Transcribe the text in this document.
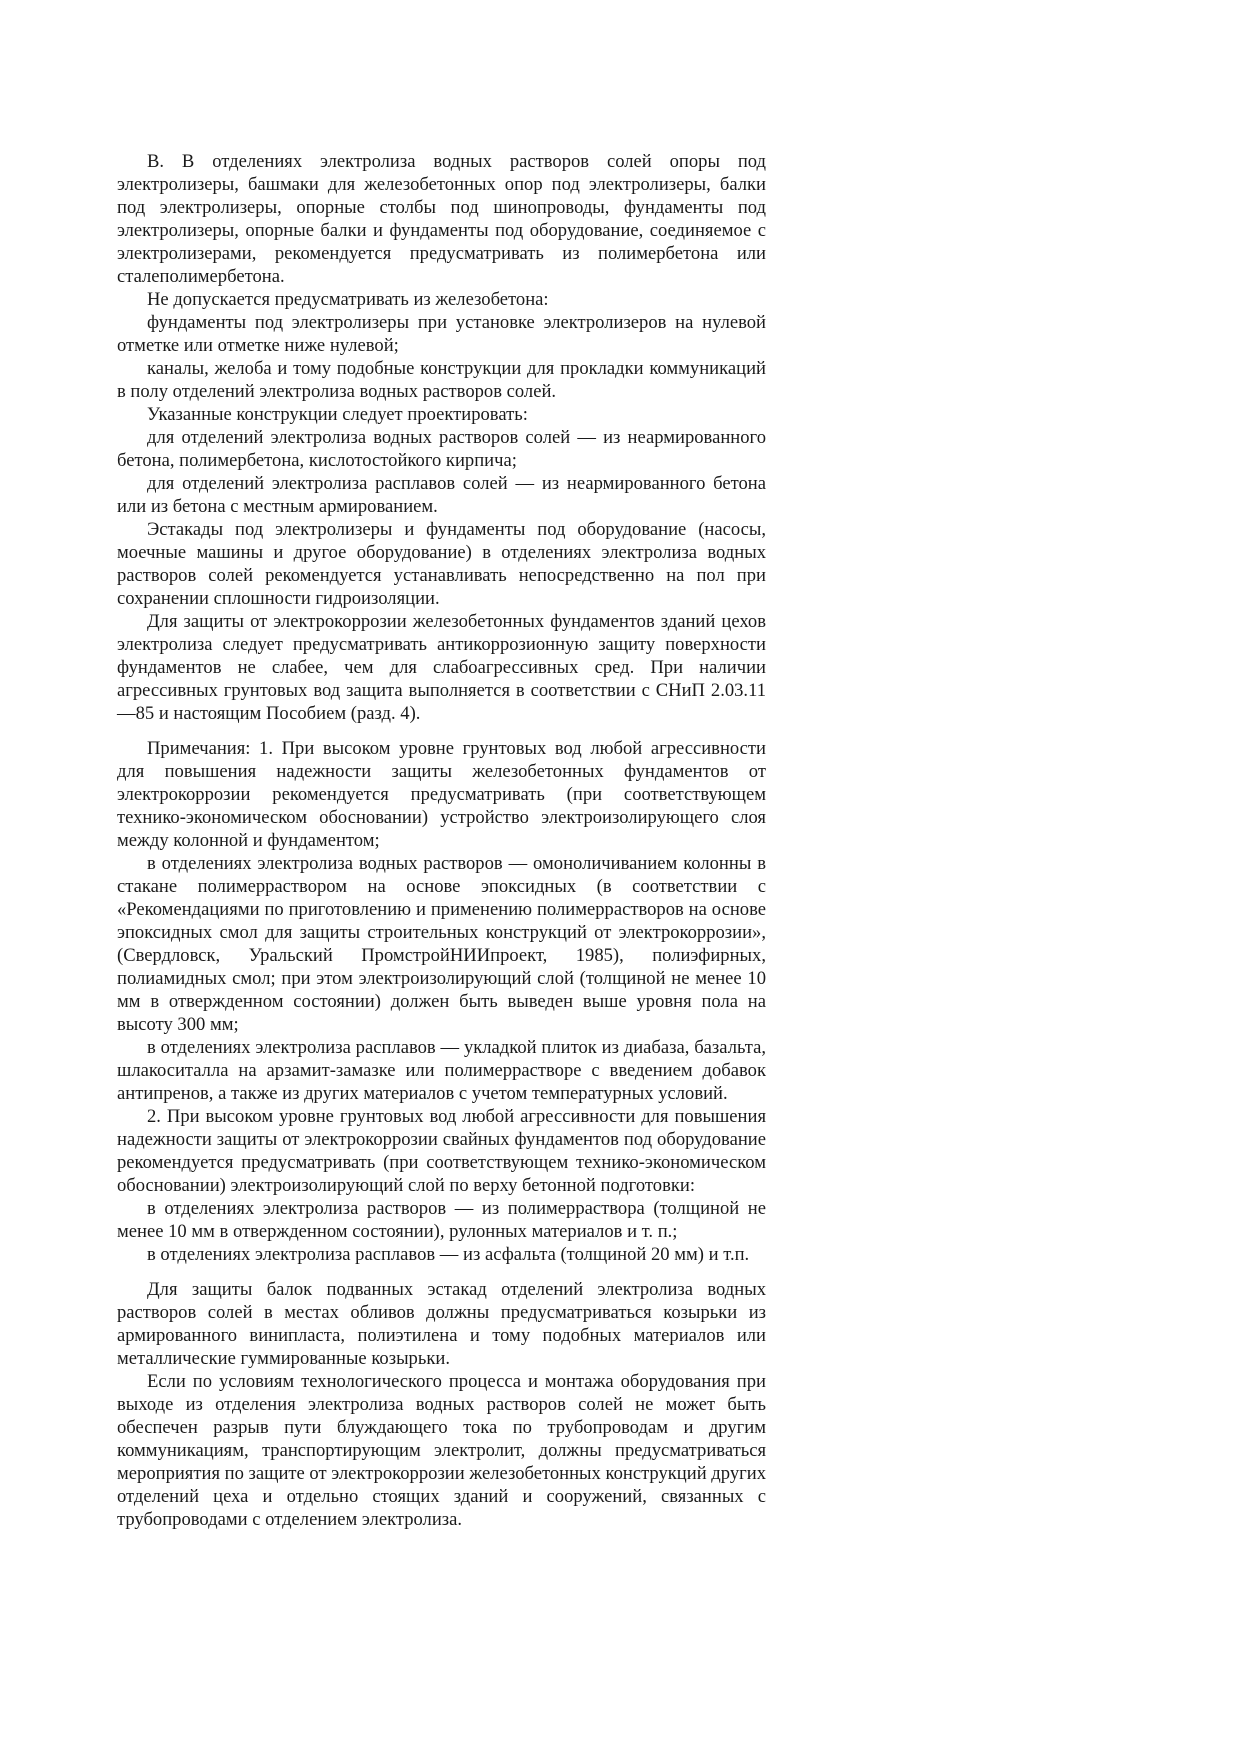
В. В отделениях электролиза водных растворов солей опоры под электролизеры, башмаки для железобетонных опор под электролизеры, балки под электролизеры, опорные столбы под шинопроводы, фундаменты под электролизеры, опорные балки и фундаменты под оборудование, соединяемое с электролизерами, рекомендуется предусматривать из полимербетона или сталеполимербетона.

Не допускается предусматривать из железобетона:

фундаменты под электролизеры при установке электролизеров на нулевой отметке или отметке ниже нулевой;

каналы, желоба и тому подобные конструкции для прокладки коммуникаций в полу отделений электролиза водных растворов солей.

Указанные конструкции следует проектировать:

для отделений электролиза водных растворов солей — из неармированного бетона, полимербетона, кислотостойкого кирпича;

для отделений электролиза расплавов солей — из неармированного бетона или из бетона с местным армированием.

Эстакады под электролизеры и фундаменты под оборудование (насосы, моечные машины и другое оборудование) в отделениях электролиза водных растворов солей рекомендуется устанавливать непосредственно на пол при сохранении сплошности гидроизоляции.

Для защиты от электрокоррозии железобетонных фундаментов зданий цехов электролиза следует предусматривать антикоррозионную защиту поверхности фундаментов не слабее, чем для слабоагрессивных сред. При наличии агрессивных грунтовых вод защита выполняется в соответствии с СНиП 2.03.11—85 и настоящим Пособием (разд. 4).

Примечания: 1. При высоком уровне грунтовых вод любой агрессивности для повышения надежности защиты железобетонных фундаментов от электрокоррозии рекомендуется предусматривать (при соответствующем технико-экономическом обосновании) устройство электроизолирующего слоя между колонной и фундаментом;

в отделениях электролиза водных растворов — омоноличиванием колонны в стакане полимерраствором на основе эпоксидных (в соответствии с «Рекомендациями по приготовлению и применению полимеррастворов на основе эпоксидных смол для защиты строительных конструкций от электрокоррозии», (Свердловск, Уральский ПромстройНИИпроект, 1985), полиэфирных, полиамидных смол; при этом электроизолирующий слой (толщиной не менее 10 мм в отвержденном состоянии) должен быть выведен выше уровня пола на высоту 300 мм;

в отделениях электролиза расплавов — укладкой плиток из диабаза, базальта, шлакоситалла на арзамит-замазке или полимеррастворе с введением добавок антипренов, а также из других материалов с учетом температурных условий.

2. При высоком уровне грунтовых вод любой агрессивности для повышения надежности защиты от электрокоррозии свайных фундаментов под оборудование рекомендуется предусматривать (при соответствующем технико-экономическом обосновании) электроизолирующий слой по верху бетонной подготовки:

в отделениях электролиза растворов — из полимерраствора (толщиной не менее 10 мм в отвержденном состоянии), рулонных материалов и т. п.;

в отделениях электролиза расплавов — из асфальта (толщиной 20 мм) и т.п.

Для защиты балок подванных эстакад отделений электролиза водных растворов солей в местах обливов должны предусматриваться козырьки из армированного винипласта, полиэтилена и тому подобных материалов или металлические гуммированные козырьки.

Если по условиям технологического процесса и монтажа оборудования при выходе из отделения электролиза водных растворов солей не может быть обеспечен разрыв пути блуждающего тока по трубопроводам и другим коммуникациям, транспортирующим электролит, должны предусматриваться мероприятия по защите от электрокоррозии железобетонных конструкций других отделений цеха и отдельно стоящих зданий и сооружений, связанных с трубопроводами с отделением электролиза.
